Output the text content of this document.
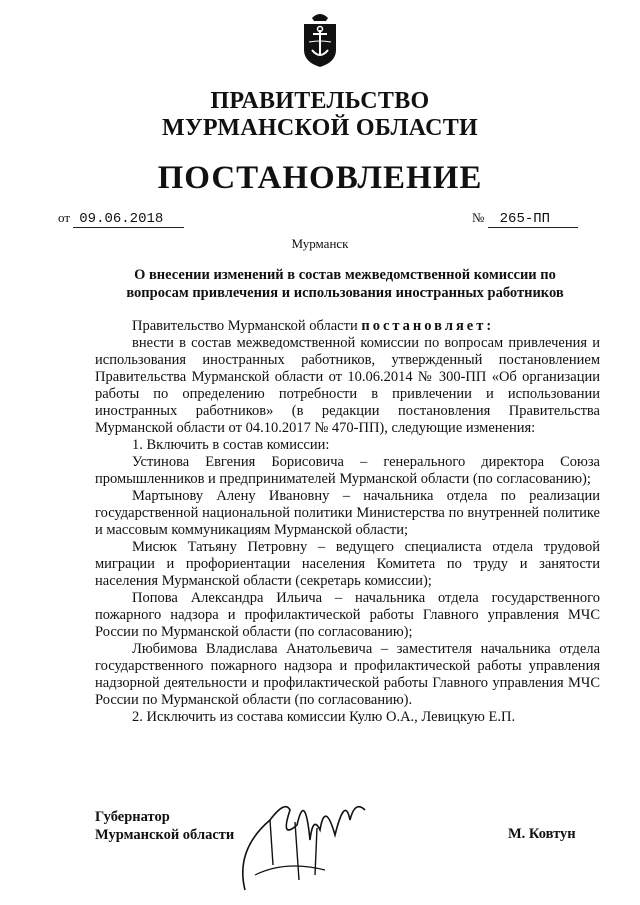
ПРАВИТЕЛЬСТВО
МУРМАНСКОЙ ОБЛАСТИ
ПОСТАНОВЛЕНИЕ
от 09.06.2018	№ 265-ПП
Мурманск
О внесении изменений в состав межведомственной комиссии по
вопросам привлечения и использования иностранных работников

Правительство Мурманской области постановляет:

внести в состав межведомственной комиссии по вопросам привлечения и использования иностранных работников, утвержденный постановлением Правительства Мурманской области от 10.06.2014 № 300-ПП «Об организации работы по определению потребности в привлечении и использовании иностранных работников» (в редакции постановления Правительства Мурманской области от 04.10.2017 № 470-ПП), следующие изменения:

1. Включить в состав комиссии:

Устинова Евгения Борисовича – генерального директора Союза промышленников и предпринимателей Мурманской области (по согласованию);

Мартынову Алену Ивановну – начальника отдела по реализации государственной национальной политики Министерства по внутренней политике и массовым коммуникациям Мурманской области;

Мисюк Татьяну Петровну – ведущего специалиста отдела трудовой миграции и профориентации населения Комитета по труду и занятости населения Мурманской области (секретарь комиссии);

Попова Александра Ильича – начальника отдела государственного пожарного надзора и профилактической работы Главного управления МЧС России по Мурманской области (по согласованию);

Любимова Владислава Анатольевича – заместителя начальника отдела государственного пожарного надзора и профилактической работы управления надзорной деятельности и профилактической работы Главного управления МЧС России по Мурманской области (по согласованию).

2. Исключить из состава комиссии Кулю О.А., Левицкую Е.П.

Губернатор
Мурманской области	М. Ковтун
